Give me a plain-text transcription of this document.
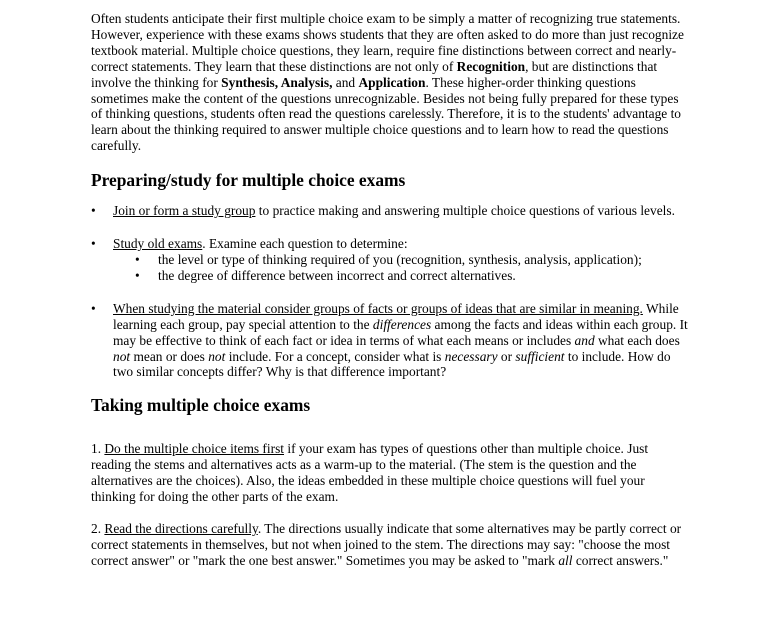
Often students anticipate their first multiple choice exam to be simply a matter of recognizing true statements. However, experience with these exams shows students that they are often asked to do more than just recognize textbook material. Multiple choice questions, they learn, require fine distinctions between correct and nearly-correct statements. They learn that these distinctions are not only of Recognition, but are distinctions that involve the thinking for Synthesis, Analysis, and Application. These higher-order thinking questions sometimes make the content of the questions unrecognizable. Besides not being fully prepared for these types of thinking questions, students often read the questions carelessly. Therefore, it is to the students' advantage to learn about the thinking required to answer multiple choice questions and to learn how to read the questions carefully.

Preparing/study for multiple choice exams
• Join or form a study group to practice making and answering multiple choice questions of various levels.
• Study old exams. Examine each question to determine:
• the level or type of thinking required of you (recognition, synthesis, analysis, application);
• the degree of difference between incorrect and correct alternatives.
• When studying the material consider groups of facts or groups of ideas that are similar in meaning. While learning each group, pay special attention to the differences among the facts and ideas within each group. It may be effective to think of each fact or idea in terms of what each means or includes and what each does not mean or does not include. For a concept, consider what is necessary or sufficient to include. How do two similar concepts differ? Why is that difference important?
Taking multiple choice exams

1. Do the multiple choice items first if your exam has types of questions other than multiple choice. Just reading the stems and alternatives acts as a warm-up to the material. (The stem is the question and the alternatives are the choices). Also, the ideas embedded in these multiple choice questions will fuel your thinking for doing the other parts of the exam.

2. Read the directions carefully. The directions usually indicate that some alternatives may be partly correct or correct statements in themselves, but not when joined to the stem. The directions may say: "choose the most correct answer" or "mark the one best answer." Sometimes you may be asked to "mark all correct answers."
